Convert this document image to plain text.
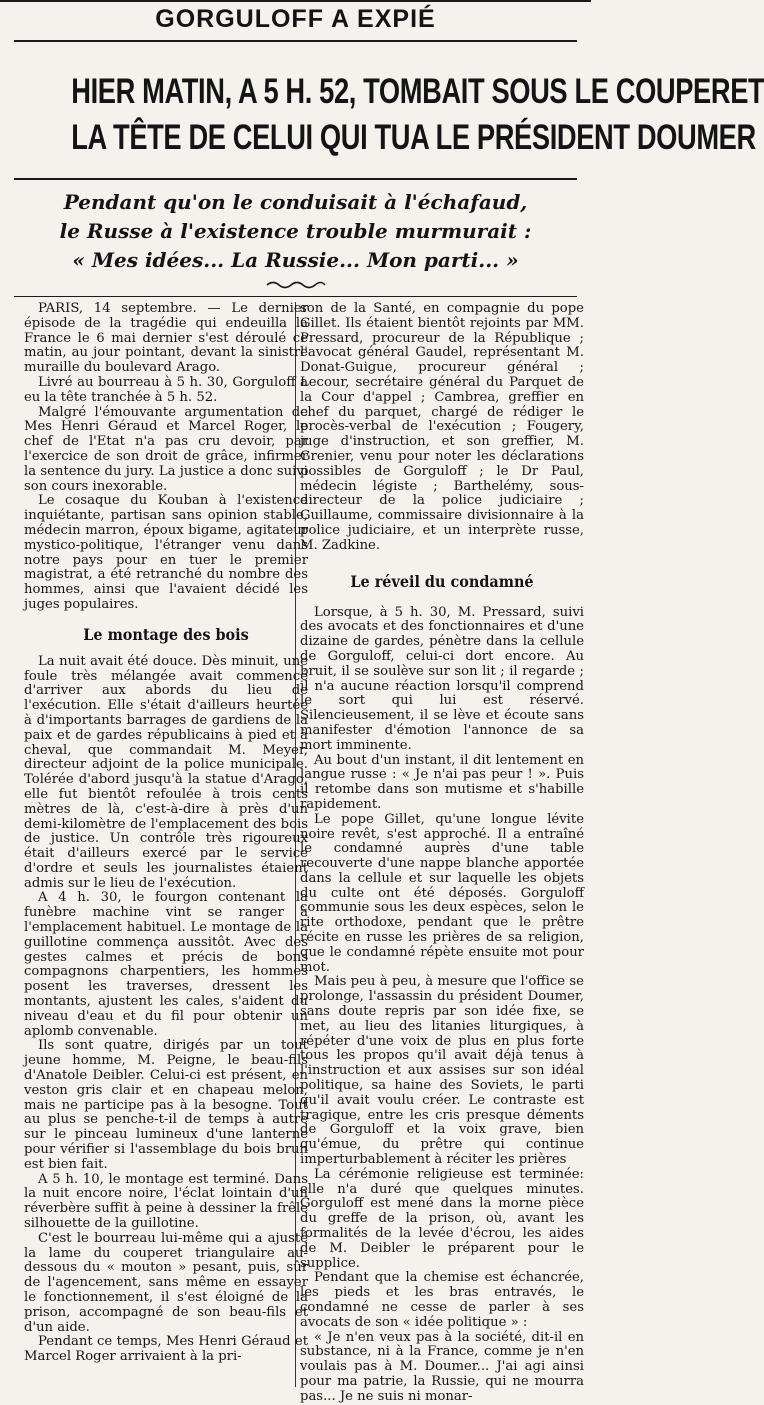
GORGULOFF A EXPIÉ
HIER MATIN, A 5 H. 52, TOMBAIT SOUS LE COUPERET
LA TÊTE DE CELUI QUI TUA LE PRÉSIDENT DOUMER
Pendant qu'on le conduisait à l'échafaud,
le Russe à l'existence trouble murmurait :
« Mes idées... La Russie... Mon parti... »

PARIS, 14 septembre. — Le dernier épisode de la tragédie qui endeuilla la France le 6 mai dernier s'est déroulé ce matin, au jour pointant, devant la sinistre muraille du boulevard Arago.

Livré au bourreau à 5 h. 30, Gorguloff a eu la tête tranchée à 5 h. 52.

Malgré l'émouvante argumentation de Mes Henri Géraud et Marcel Roger, le chef de l'Etat n'a pas cru devoir, par l'exercice de son droit de grâce, infirmer la sentence du jury. La justice a donc suivi son cours inexorable.

Le cosaque du Kouban à l'existence inquiétante, partisan sans opinion stable, médecin marron, époux bigame, agitateur mystico-politique, l'étranger venu dans notre pays pour en tuer le premier magistrat, a été retranché du nombre des hommes, ainsi que l'avaient décidé les juges populaires.

Le montage des bois

La nuit avait été douce. Dès minuit, une foule très mélangée avait commencé d'arriver aux abords du lieu de l'exécution. Elle s'était d'ailleurs heurtée à d'importants barrages de gardiens de la paix et de gardes républicains à pied et à cheval, que commandait M. Meyer, directeur adjoint de la police municipale. Tolérée d'abord jusqu'à la statue d'Arago, elle fut bientôt refoulée à trois cents mètres de là, c'est-à-dire à près d'un demi-kilomètre de l'emplacement des bois de justice. Un contrôle très rigoureux était d'ailleurs exercé par le service d'ordre et seuls les journalistes étaient admis sur le lieu de l'exécution.

A 4 h. 30, le fourgon contenant la funèbre machine vint se ranger à l'emplacement habituel. Le montage de la guillotine commença aussitôt. Avec des gestes calmes et précis de bons compagnons charpentiers, les hommes posent les traverses, dressent les montants, ajustent les cales, s'aident du niveau d'eau et du fil pour obtenir un aplomb convenable.

Ils sont quatre, dirigés par un tout jeune homme, M. Peigne, le beau-fils d'Anatole Deibler. Celui-ci est présent, en veston gris clair et en chapeau melon, mais ne participe pas à la besogne. Tout au plus se penche-t-il de temps à autre sur le pinceau lumineux d'une lanterne pour vérifier si l'assemblage du bois brun est bien fait.

A 5 h. 10, le montage est terminé. Dans la nuit encore noire, l'éclat lointain d'un réverbère suffit à peine à dessiner la frêle silhouette de la guillotine.

C'est le bourreau lui-même qui a ajusté la lame du couperet triangulaire au-dessous du « mouton » pesant, puis, sûr de l'agencement, sans même en essayer le fonctionnement, il s'est éloigné de la prison, accompagné de son beau-fils et d'un aide.

Pendant ce temps, Mes Henri Géraud et Marcel Roger arrivaient à la pri-

son de la Santé, en compagnie du pope Gillet. Ils étaient bientôt rejoints par MM. Pressard, procureur de la République ; l'avocat général Gaudel, représentant M. Donat-Guigue, procureur général ; Lecour, secrétaire général du Parquet de la Cour d'appel ; Cambrea, greffier en chef du parquet, chargé de rédiger le procès-verbal de l'exécution ; Fougery, juge d'instruction, et son greffier, M. Grenier, venu pour noter les déclarations possibles de Gorguloff ; le Dr Paul, médecin légiste ; Barthelémy, sous-directeur de la police judiciaire ; Guillaume, commissaire divisionnaire à la police judiciaire, et un interprète russe, M. Zadkine.

Le réveil du condamné

Lorsque, à 5 h. 30, M. Pressard, suivi des avocats et des fonctionnaires et d'une dizaine de gardes, pénètre dans la cellule de Gorguloff, celui-ci dort encore. Au bruit, il se soulève sur son lit ; il regarde ; il n'a aucune réaction lorsqu'il comprend le sort qui lui est réservé. Silencieusement, il se lève et écoute sans manifester d'émotion l'annonce de sa mort imminente.

Au bout d'un instant, il dit lentement en langue russe : « Je n'ai pas peur ! ». Puis il retombe dans son mutisme et s'habille rapidement.

Le pope Gillet, qu'une longue lévite noire revêt, s'est approché. Il a entraîné le condamné auprès d'une table recouverte d'une nappe blanche apportée dans la cellule et sur laquelle les objets du culte ont été déposés. Gorguloff communie sous les deux espèces, selon le rite orthodoxe, pendant que le prêtre récite en russe les prières de sa religion, que le condamné répète ensuite mot pour mot.

Mais peu à peu, à mesure que l'office se prolonge, l'assassin du président Doumer, sans doute repris par son idée fixe, se met, au lieu des litanies liturgiques, à répéter d'une voix de plus en plus forte tous les propos qu'il avait déjà tenus à l'instruction et aux assises sur son idéal politique, sa haine des Soviets, le parti qu'il avait voulu créer. Le contraste est tragique, entre les cris presque déments de Gorguloff et la voix grave, bien qu'émue, du prêtre qui continue imperturbablement à réciter les prières

La cérémonie religieuse est terminée: elle n'a duré que quelques minutes. Gorguloff est mené dans la morne pièce du greffe de la prison, où, avant les formalités de la levée d'écrou, les aides de M. Deibler le préparent pour le supplice.

Pendant que la chemise est échancrée, les pieds et les bras entravés, le condamné ne cesse de parler à ses avocats de son « idée politique » :

« Je n'en veux pas à la société, dit-il en substance, ni à la France, comme je n'en voulais pas à M. Doumer... J'ai agi ainsi pour ma patrie, la Russie, qui ne mourra pas... Je ne suis ni monar-
